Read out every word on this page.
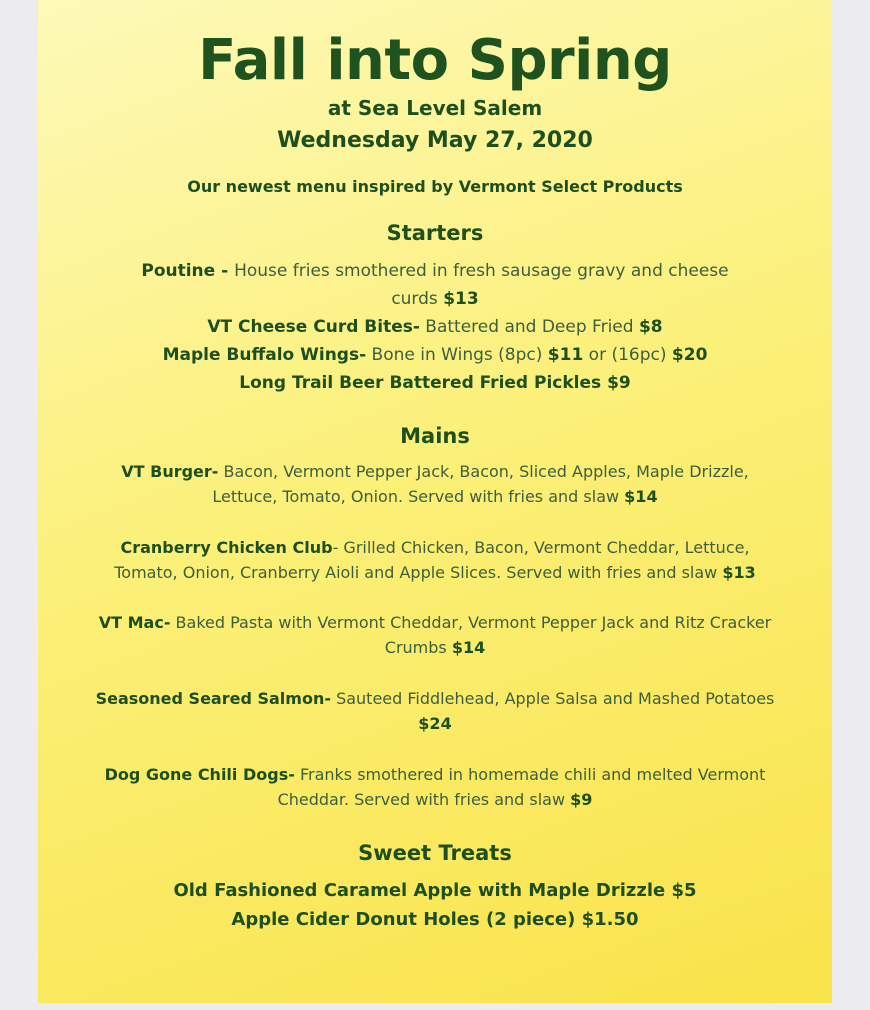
Fall into Spring
at Sea Level Salem
Wednesday May 27, 2020
Our newest menu inspired by Vermont Select Products
Starters
Poutine - House fries smothered in fresh sausage gravy and cheese
curds $13
VT Cheese Curd Bites- Battered and Deep Fried $8
Maple Buffalo Wings- Bone in Wings (8pc) $11 or (16pc) $20
Long Trail Beer Battered Fried Pickles $9
Mains
VT Burger- Bacon, Vermont Pepper Jack, Bacon, Sliced Apples, Maple Drizzle,
Lettuce, Tomato, Onion. Served with fries and slaw $14
Cranberry Chicken Club- Grilled Chicken, Bacon, Vermont Cheddar, Lettuce,
Tomato, Onion, Cranberry Aioli and Apple Slices. Served with fries and slaw $13
VT Mac- Baked Pasta with Vermont Cheddar, Vermont Pepper Jack and Ritz Cracker
Crumbs $14
Seasoned Seared Salmon- Sauteed Fiddlehead, Apple Salsa and Mashed Potatoes
$24
Dog Gone Chili Dogs- Franks smothered in homemade chili and melted Vermont
Cheddar. Served with fries and slaw $9
Sweet Treats
Old Fashioned Caramel Apple with Maple Drizzle $5
Apple Cider Donut Holes (2 piece) $1.50
